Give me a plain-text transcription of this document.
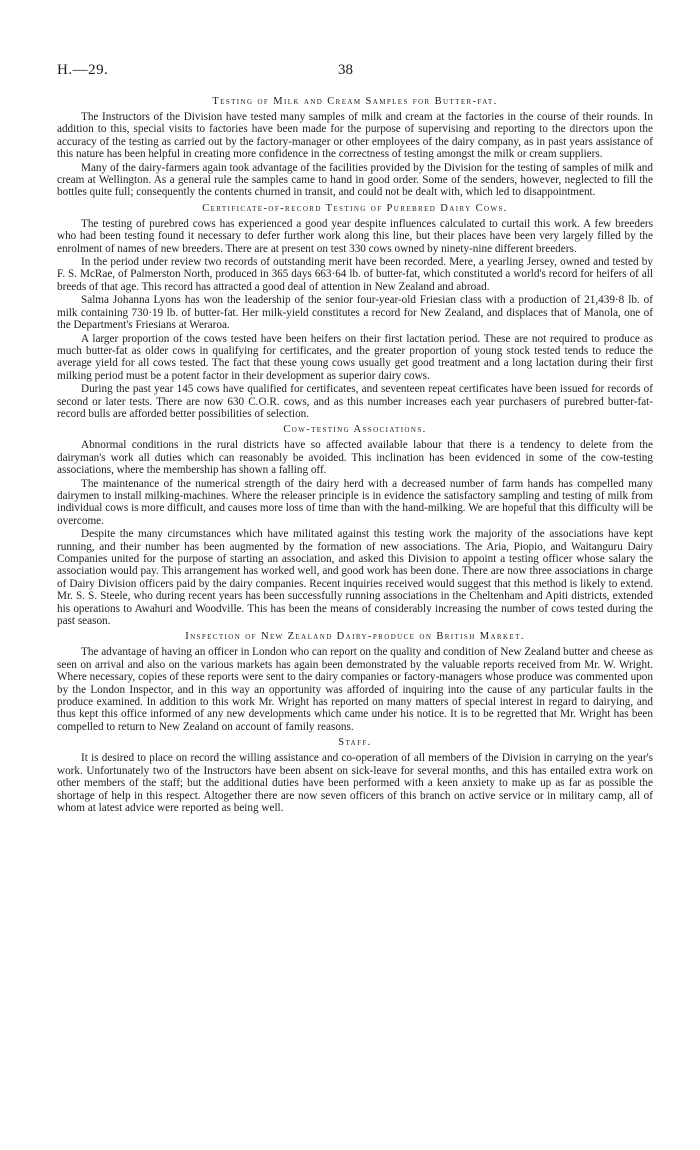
H.—29.	38
Testing of Milk and Cream Samples for Butter-fat.

The Instructors of the Division have tested many samples of milk and cream at the factories in the course of their rounds. In addition to this, special visits to factories have been made for the purpose of supervising and reporting to the directors upon the accuracy of the testing as carried out by the factory-manager or other employees of the dairy company, as in past years assistance of this nature has been helpful in creating more confidence in the correctness of testing amongst the milk or cream suppliers.

Many of the dairy-farmers again took advantage of the facilities provided by the Division for the testing of samples of milk and cream at Wellington. As a general rule the samples came to hand in good order. Some of the senders, however, neglected to fill the bottles quite full; consequently the contents churned in transit, and could not be dealt with, which led to disappointment.

Certificate-of-record Testing of Purebred Dairy Cows.

The testing of purebred cows has experienced a good year despite influences calculated to curtail this work. A few breeders who had been testing found it necessary to defer further work along this line, but their places have been very largely filled by the enrolment of names of new breeders. There are at present on test 330 cows owned by ninety-nine different breeders.

In the period under review two records of outstanding merit have been recorded. Mere, a yearling Jersey, owned and tested by F. S. McRae, of Palmerston North, produced in 365 days 663·64 lb. of butter-fat, which constituted a world's record for heifers of all breeds of that age. This record has attracted a good deal of attention in New Zealand and abroad.

Salma Johanna Lyons has won the leadership of the senior four-year-old Friesian class with a production of 21,439·8 lb. of milk containing 730·19 lb. of butter-fat. Her milk-yield constitutes a record for New Zealand, and displaces that of Manola, one of the Department's Friesians at Weraroa.

A larger proportion of the cows tested have been heifers on their first lactation period. These are not required to produce as much butter-fat as older cows in qualifying for certificates, and the greater proportion of young stock tested tends to reduce the average yield for all cows tested. The fact that these young cows usually get good treatment and a long lactation during their first milking period must be a potent factor in their development as superior dairy cows.

During the past year 145 cows have qualified for certificates, and seventeen repeat certificates have been issued for records of second or later tests. There are now 630 C.O.R. cows, and as this number increases each year purchasers of purebred butter-fat-record bulls are afforded better possibilities of selection.

Cow-testing Associations.

Abnormal conditions in the rural districts have so affected available labour that there is a tendency to delete from the dairyman's work all duties which can reasonably be avoided. This inclination has been evidenced in some of the cow-testing associations, where the membership has shown a falling off.

The maintenance of the numerical strength of the dairy herd with a decreased number of farm hands has compelled many dairymen to install milking-machines. Where the releaser principle is in evidence the satisfactory sampling and testing of milk from individual cows is more difficult, and causes more loss of time than with the hand-milking. We are hopeful that this difficulty will be overcome.

Despite the many circumstances which have militated against this testing work the majority of the associations have kept running, and their number has been augmented by the formation of new associations. The Aria, Piopio, and Waitanguru Dairy Companies united for the purpose of starting an association, and asked this Division to appoint a testing officer whose salary the association would pay. This arrangement has worked well, and good work has been done. There are now three associations in charge of Dairy Division officers paid by the dairy companies. Recent inquiries received would suggest that this method is likely to extend. Mr. S. S. Steele, who during recent years has been successfully running associations in the Cheltenham and Apiti districts, extended his operations to Awahuri and Woodville. This has been the means of considerably increasing the number of cows tested during the past season.

Inspection of New Zealand Dairy-produce on British Market.

The advantage of having an officer in London who can report on the quality and condition of New Zealand butter and cheese as seen on arrival and also on the various markets has again been demonstrated by the valuable reports received from Mr. W. Wright. Where necessary, copies of these reports were sent to the dairy companies or factory-managers whose produce was commented upon by the London Inspector, and in this way an opportunity was afforded of inquiring into the cause of any particular faults in the produce examined. In addition to this work Mr. Wright has reported on many matters of special interest in regard to dairying, and thus kept this office informed of any new developments which came under his notice. It is to be regretted that Mr. Wright has been compelled to return to New Zealand on account of family reasons.

Staff.

It is desired to place on record the willing assistance and co-operation of all members of the Division in carrying on the year's work. Unfortunately two of the Instructors have been absent on sick-leave for several months, and this has entailed extra work on other members of the staff; but the additional duties have been performed with a keen anxiety to make up as far as possible the shortage of help in this respect. Altogether there are now seven officers of this branch on active service or in military camp, all of whom at latest advice were reported as being well.
